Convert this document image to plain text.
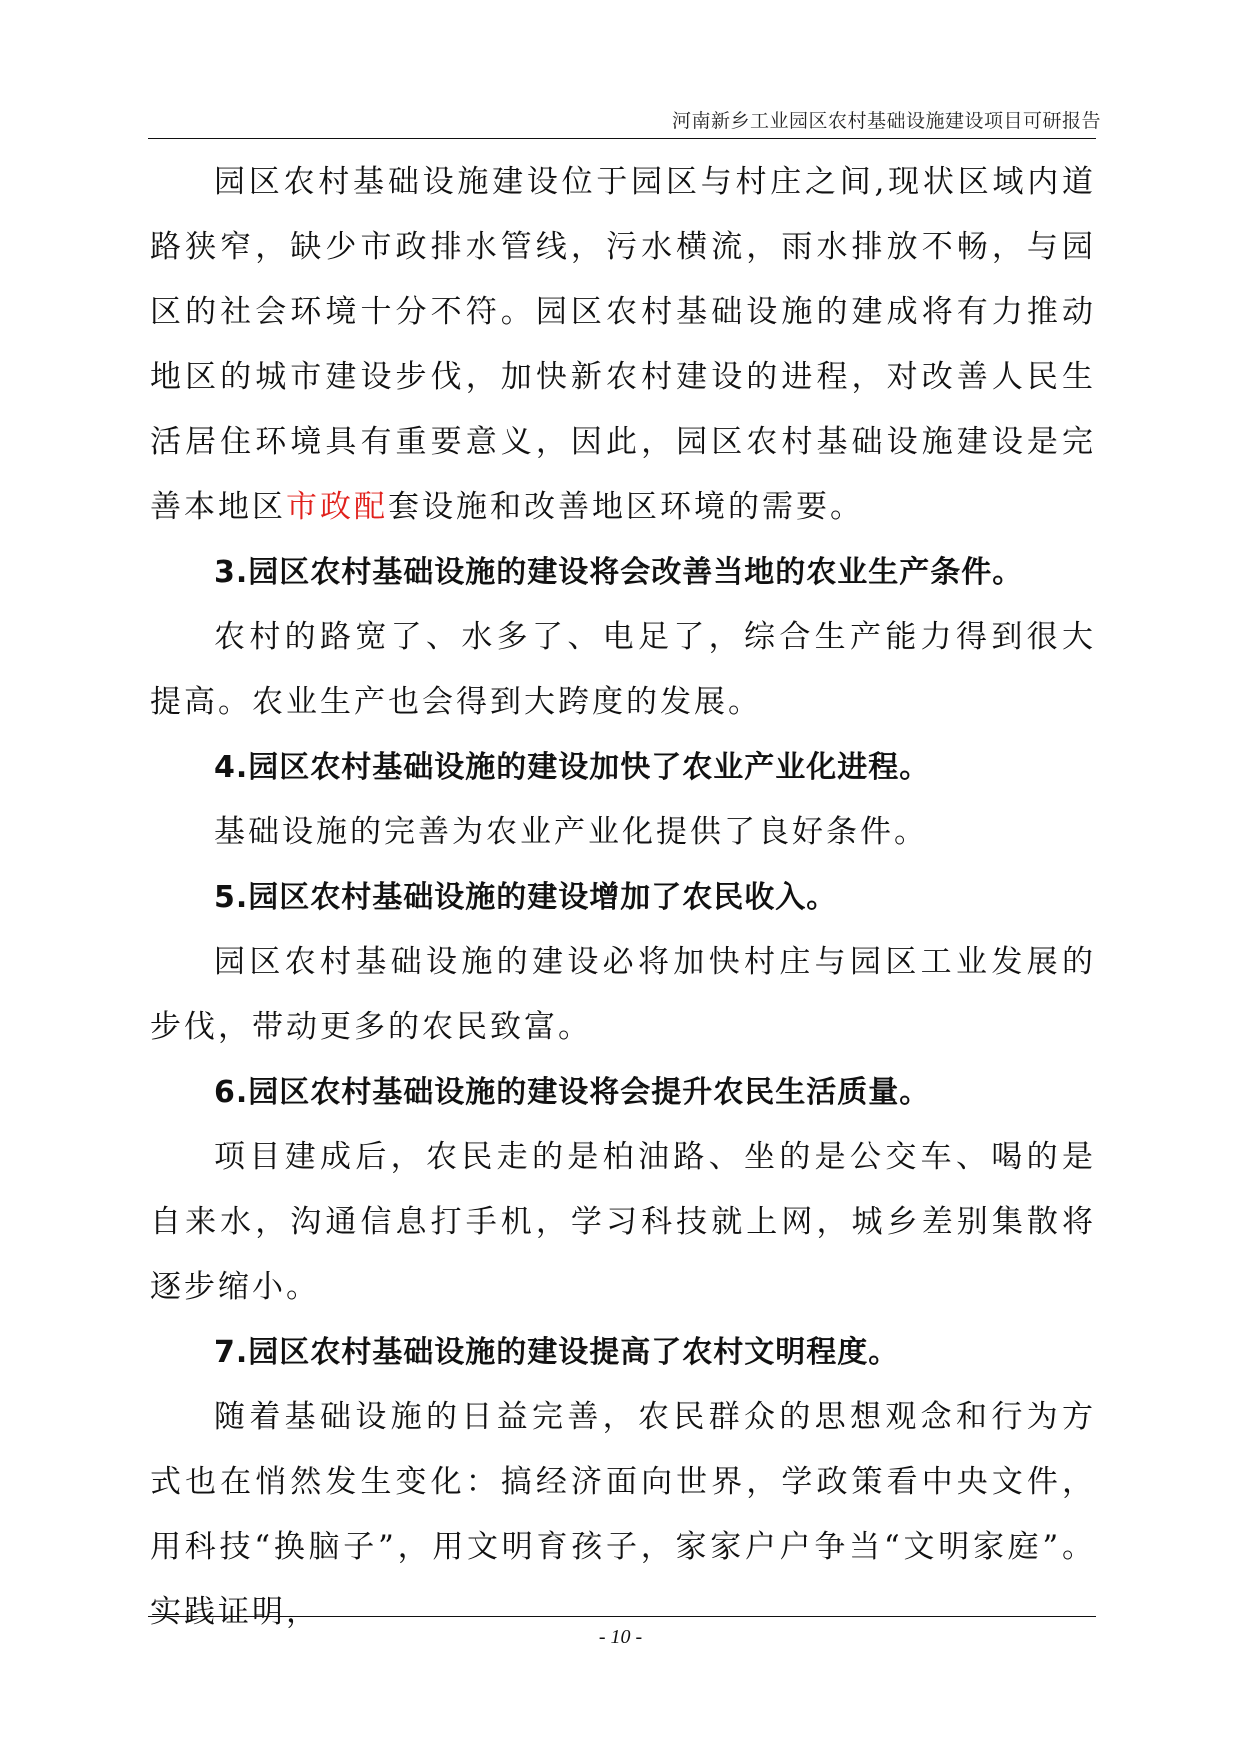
河南新乡工业园区农村基础设施建设项目可研报告

园区农村基础设施建设位于园区与村庄之间,现状区域内道路狭窄，缺少市政排水管线，污水横流，雨水排放不畅，与园区的社会环境十分不符。园区农村基础设施的建成将有力推动地区的城市建设步伐，加快新农村建设的进程，对改善人民生活居住环境具有重要意义，因此，园区农村基础设施建设是完善本地区市政配套设施和改善地区环境的需要。

3.园区农村基础设施的建设将会改善当地的农业生产条件。

农村的路宽了、水多了、电足了，综合生产能力得到很大提高。农业生产也会得到大跨度的发展。

4.园区农村基础设施的建设加快了农业产业化进程。

基础设施的完善为农业产业化提供了良好条件。

5.园区农村基础设施的建设增加了农民收入。

园区农村基础设施的建设必将加快村庄与园区工业发展的步伐，带动更多的农民致富。

6.园区农村基础设施的建设将会提升农民生活质量。

项目建成后，农民走的是柏油路、坐的是公交车、喝的是自来水，沟通信息打手机，学习科技就上网，城乡差别集散将逐步缩小。

7.园区农村基础设施的建设提高了农村文明程度。

随着基础设施的日益完善，农民群众的思想观念和行为方式也在悄然发生变化：搞经济面向世界，学政策看中央文件，用科技“换脑子”，用文明育孩子，家家户户争当“文明家庭”。实践证明，

- 10 -
